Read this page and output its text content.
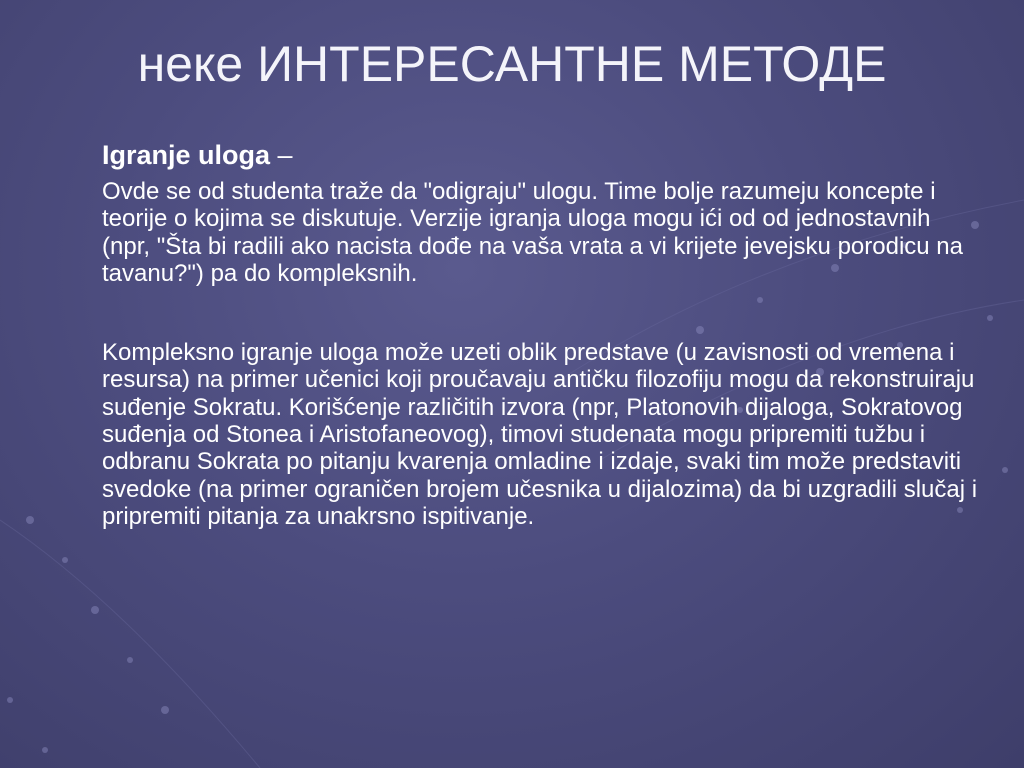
неке ИНТЕРЕСАНТНЕ МЕТОДЕ
Igranje uloga –

Ovde se od studenta traže da "odigraju" ulogu. Time bolje razumeju koncepte i teorije o kojima se diskutuje. Verzije igranja uloga mogu ići od od jednostavnih (npr, "Šta bi radili ako nacista dođe na vaša vrata a vi krijete jevejsku porodicu na tavanu?") pa do kompleksnih.

Kompleksno igranje uloga može uzeti oblik predstave (u zavisnosti od vremena i resursa) na primer učenici koji proučavaju antičku filozofiju mogu da rekonstruiraju suđenje Sokratu. Korišćenje različitih izvora (npr, Platonovih dijaloga, Sokratovog suđenja od Stonea i Aristofaneovog), timovi studenata mogu pripremiti tužbu i odbranu Sokrata po pitanju kvarenja omladine i izdaje, svaki tim može predstaviti svedoke (na primer ograničen brojem učesnika u dijalozima) da bi uzgradili slučaj i pripremiti pitanja za unakrsno ispitivanje.
